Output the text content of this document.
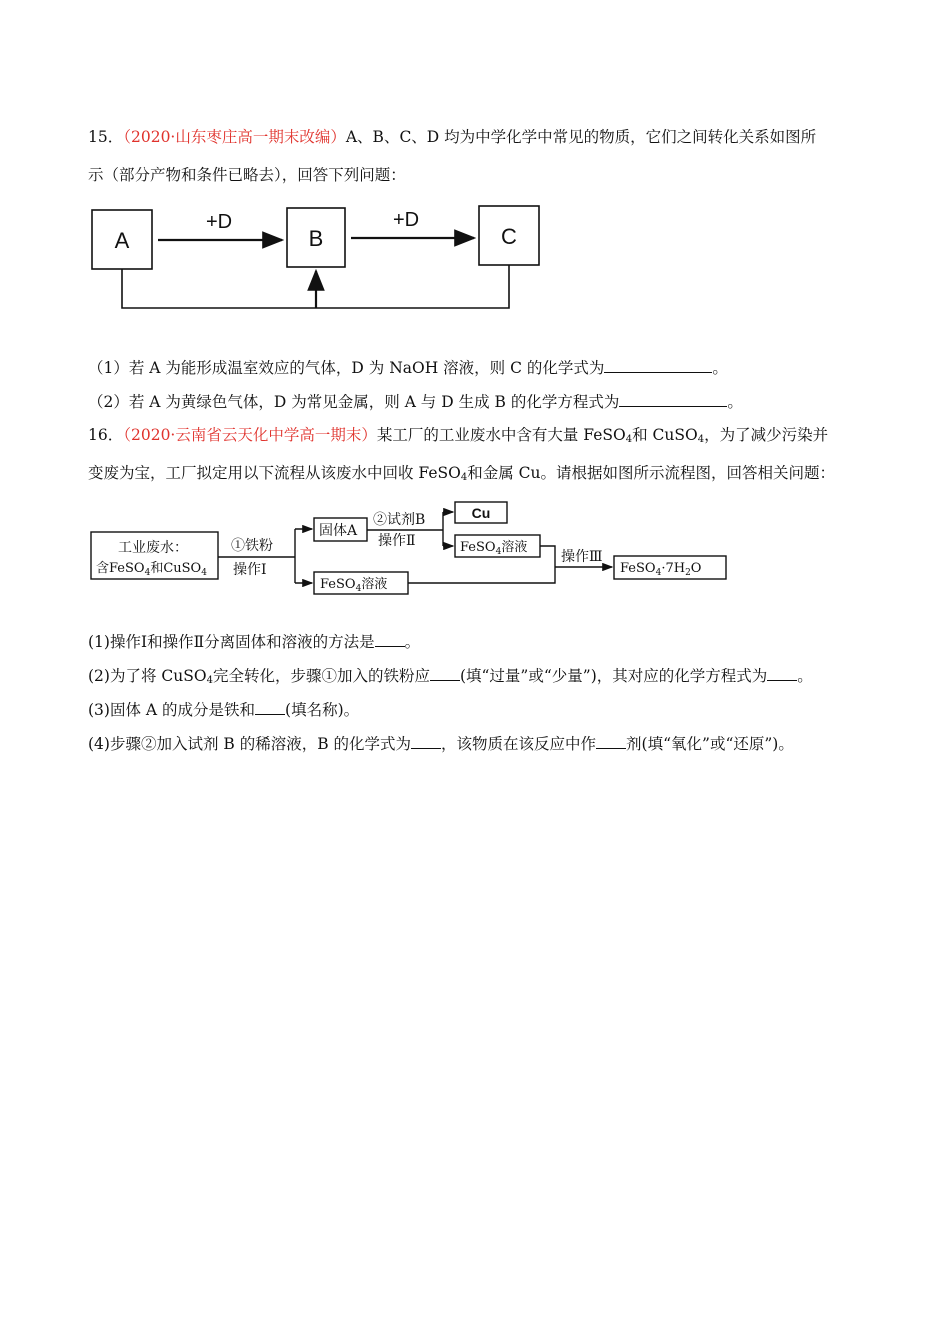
15．（2020·山东枣庄高一期末改编）A、B、C、D 均为中学化学中常见的物质，它们之间转化关系如图所
示（部分产物和条件已略去），回答下列问题：
A	B	C
+D	+D
（1）若 A 为能形成温室效应的气体，D 为 NaOH 溶液，则 C 的化学式为	。
（2）若 A 为黄绿色气体，D 为常见金属，则 A 与 D 生成 B 的化学方程式为	。
16．（2020·云南省云天化中学高一期末）某工厂的工业废水中含有大量 FeSO$_4$和 CuSO$_4$，为了减少污染并
变废为宝，工厂拟定用以下流程从该废水中回收 FeSO$_4$和金属 Cu。请根据如图所示流程图，回答相关问题：
工业废水：
含FeSO$_4$和CuSO$_4$
①铁粉
操作Ⅰ
固体A
②试剂B
操作Ⅱ
Cu
FeSO$_4$溶液
FeSO$_4$溶液
操作Ⅲ
$FeSO_4\cdot 7H_2O$
(1)操作Ⅰ和操作Ⅱ分离固体和溶液的方法是 。
(2)为了将 CuSO$_4$完全转化，步骤①加入的铁粉应 (填“过量”或“少量”)，其对应的化学方程式为 。
(3)固体 A 的成分是铁和 (填名称)。
(4)步骤②加入试剂 B 的稀溶液，B 的化学式为 ，该物质在该反应中作 剂(填“氧化”或“还原”)。
